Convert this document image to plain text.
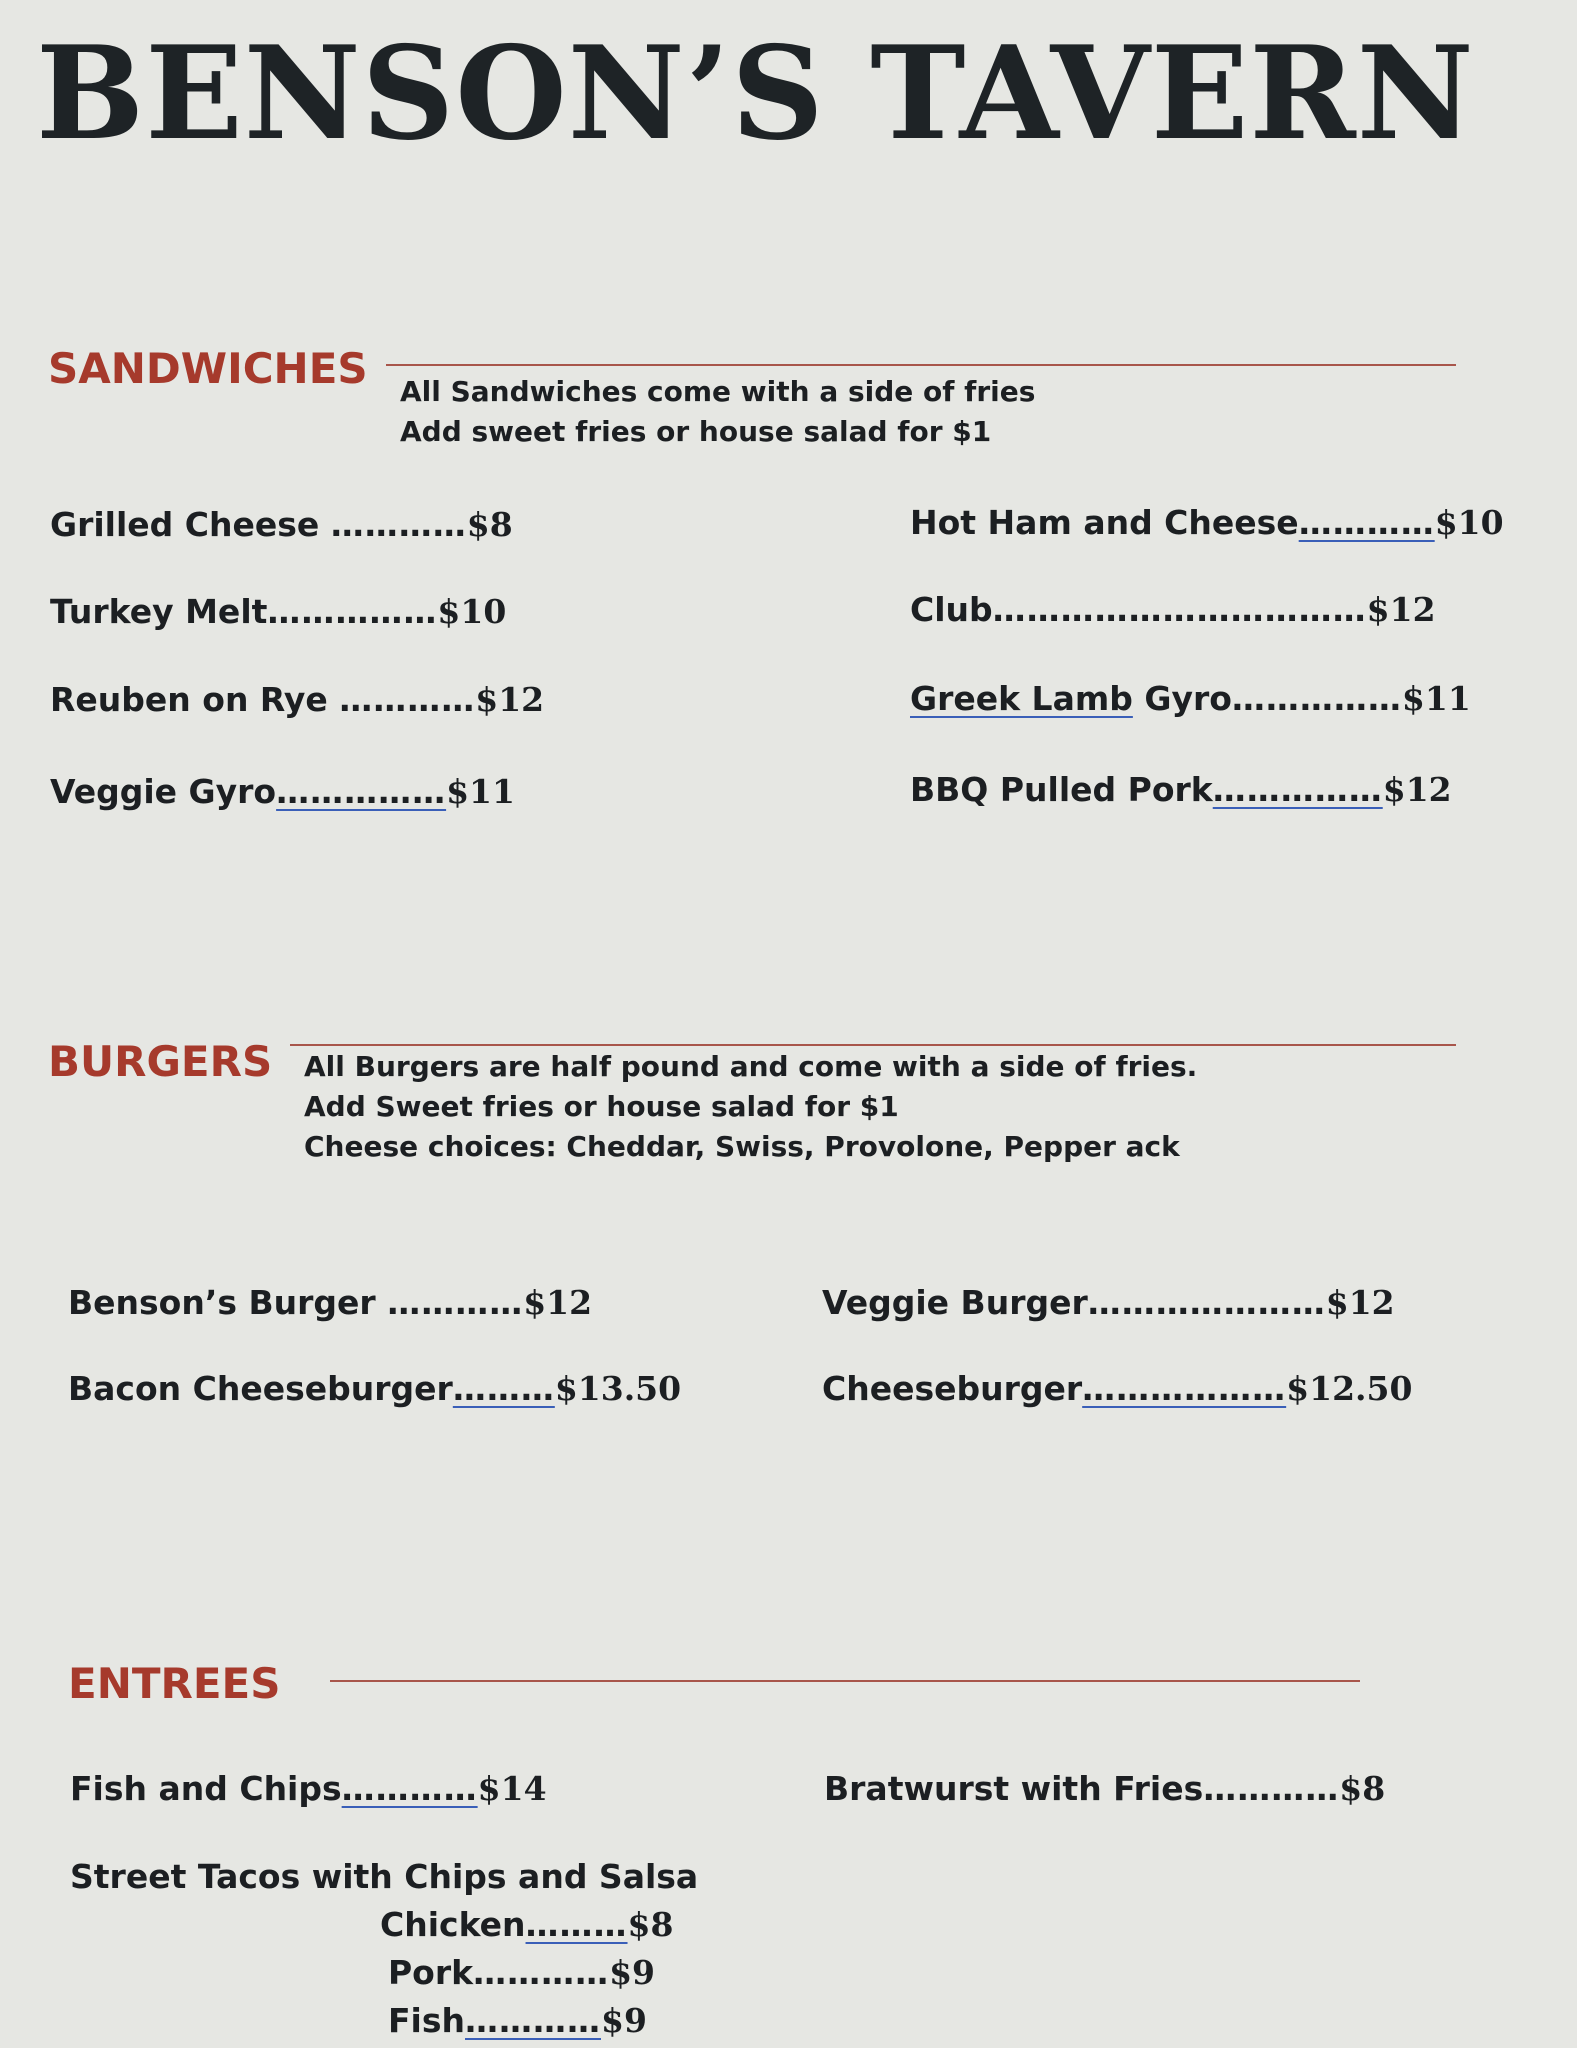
BENSON’S TAVERN
SANDWICHES All Sandwiches come with a side of fries
Add sweet fries or house salad for $1
Grilled Cheese …………$8
Turkey Melt……………$10
Reuben on Rye …………$12
Veggie Gyro……………$11
Hot Ham and Cheese…………$10
Club……………………………$12
Greek Lamb Gyro……………$11
BBQ Pulled Pork……………$12
BURGERS All Burgers are half pound and come with a side of fries.
Add Sweet fries or house salad for $1
Cheese choices: Cheddar, Swiss, Provolone, Pepper ack
Benson’s Burger …………$12
Bacon Cheeseburger………$13.50
Veggie Burger…………………$12
Cheeseburger………………$12.50
ENTREES
Fish and Chips…………$14	Bratwurst with Fries…………$8
Street Tacos with Chips and Salsa
Chicken………$8
Pork…………$9
Fish…………$9
